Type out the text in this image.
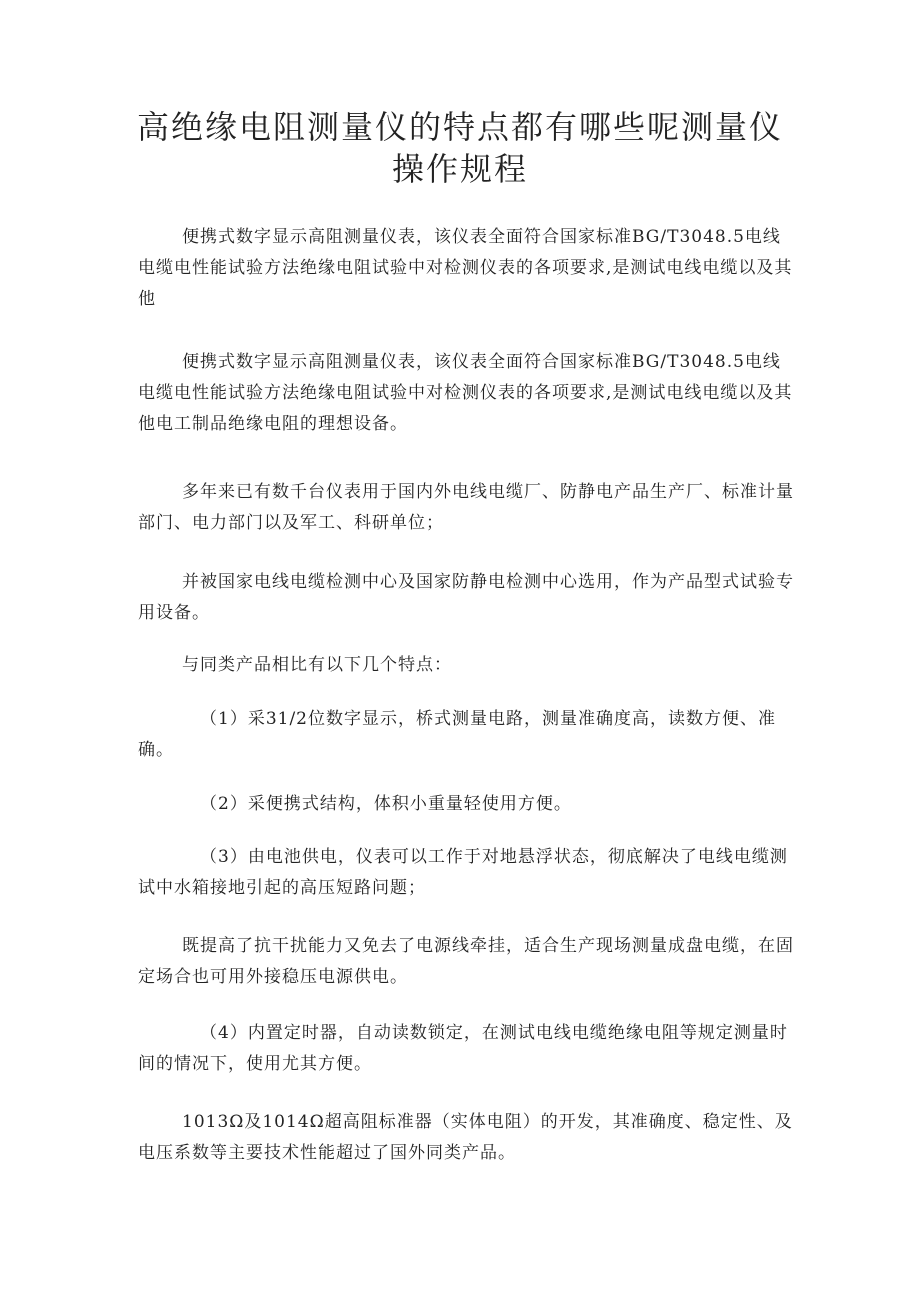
高绝缘电阻测量仪的特点都有哪些呢测量仪
操作规程

便携式数字显示高阻测量仪表，该仪表全面符合国家标准BG/T3048.5电线电缆电性能试验方法绝缘电阻试验中对检测仪表的各项要求,是测试电线电缆以及其他

便携式数字显示高阻测量仪表，该仪表全面符合国家标准BG/T3048.5电线电缆电性能试验方法绝缘电阻试验中对检测仪表的各项要求,是测试电线电缆以及其他电工制品绝缘电阻的理想设备。

多年来已有数千台仪表用于国内外电线电缆厂、防静电产品生产厂、标准计量部门、电力部门以及军工、科研单位；

并被国家电线电缆检测中心及国家防静电检测中心选用，作为产品型式试验专用设备。

与同类产品相比有以下几个特点：

（1）采31/2位数字显示，桥式测量电路，测量准确度高，读数方便、准确。

（2）采便携式结构，体积小重量轻使用方便。

（3）由电池供电，仪表可以工作于对地悬浮状态，彻底解决了电线电缆测试中水箱接地引起的高压短路问题；

既提高了抗干扰能力又免去了电源线牵挂，适合生产现场测量成盘电缆，在固定场合也可用外接稳压电源供电。

（4）内置定时器，自动读数锁定，在测试电线电缆绝缘电阻等规定测量时间的情况下，使用尤其方便。

1013Ω及1014Ω超高阻标准器（实体电阻）的开发，其准确度、稳定性、及电压系数等主要技术性能超过了国外同类产品。
